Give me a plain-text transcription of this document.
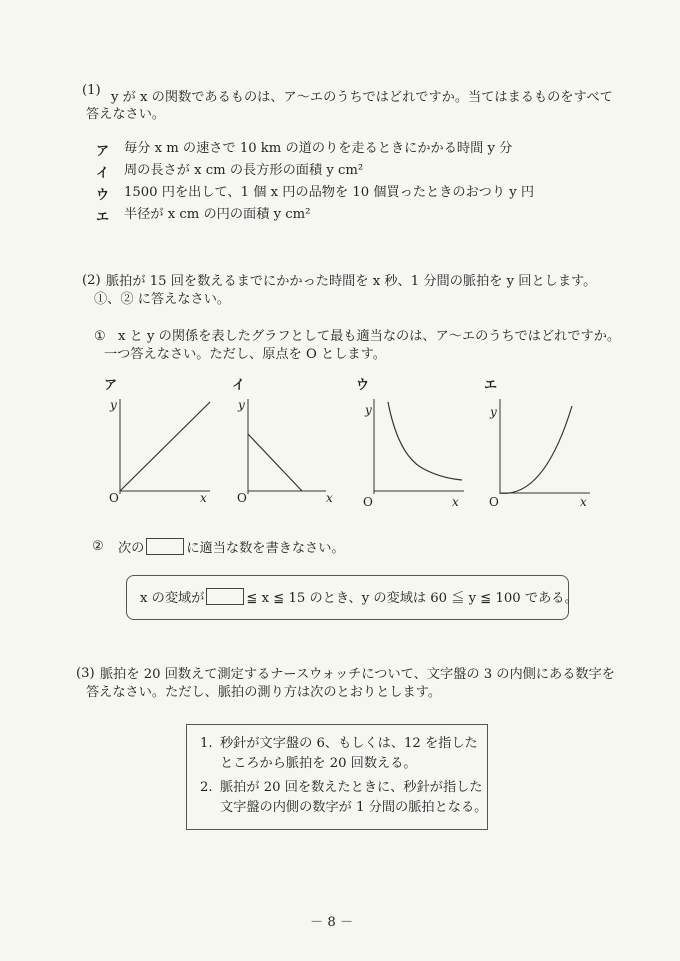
(1) y が x の関数であるものは、ア〜エのうちではどれですか。当てはまるものをすべて
答えなさい。
ア 毎分 x m の速さで 10 km の道のりを走るときにかかる時間 y 分
イ 周の長さが x cm の長方形の面積 y cm²
ウ 1500 円を出して、1 個 x 円の品物を 10 個買ったときのおつり y 円
エ 半径が x cm の円の面積 y cm²
(2) 脈拍が 15 回を数えるまでにかかった時間を x 秒、1 分間の脈拍を y 回とします。
①、② に答えなさい。
① x と y の関係を表したグラフとして最も適当なのは、ア〜エのうちではどれですか。
一つ答えなさい。ただし、原点を O とします。
ア
y
x
O
イ
y
x
O
ウ
y
x
O
エ
y
x
O
② 次の	に適当な数を書きなさい。
x の変域が	≦ x ≦ 15 のとき、y の変域は 60 ≦ y ≦ 100 である。
(3) 脈拍を 20 回数えて測定するナースウォッチについて、文字盤の 3 の内側にある数字を
答えなさい。ただし、脈拍の測り方は次のとおりとします。
1. 秒針が文字盤の 6、もしくは、12 を指した
ところから脈拍を 20 回数える。
2. 脈拍が 20 回を数えたときに、秒針が指した
文字盤の内側の数字が 1 分間の脈拍となる。
－ 8 －
